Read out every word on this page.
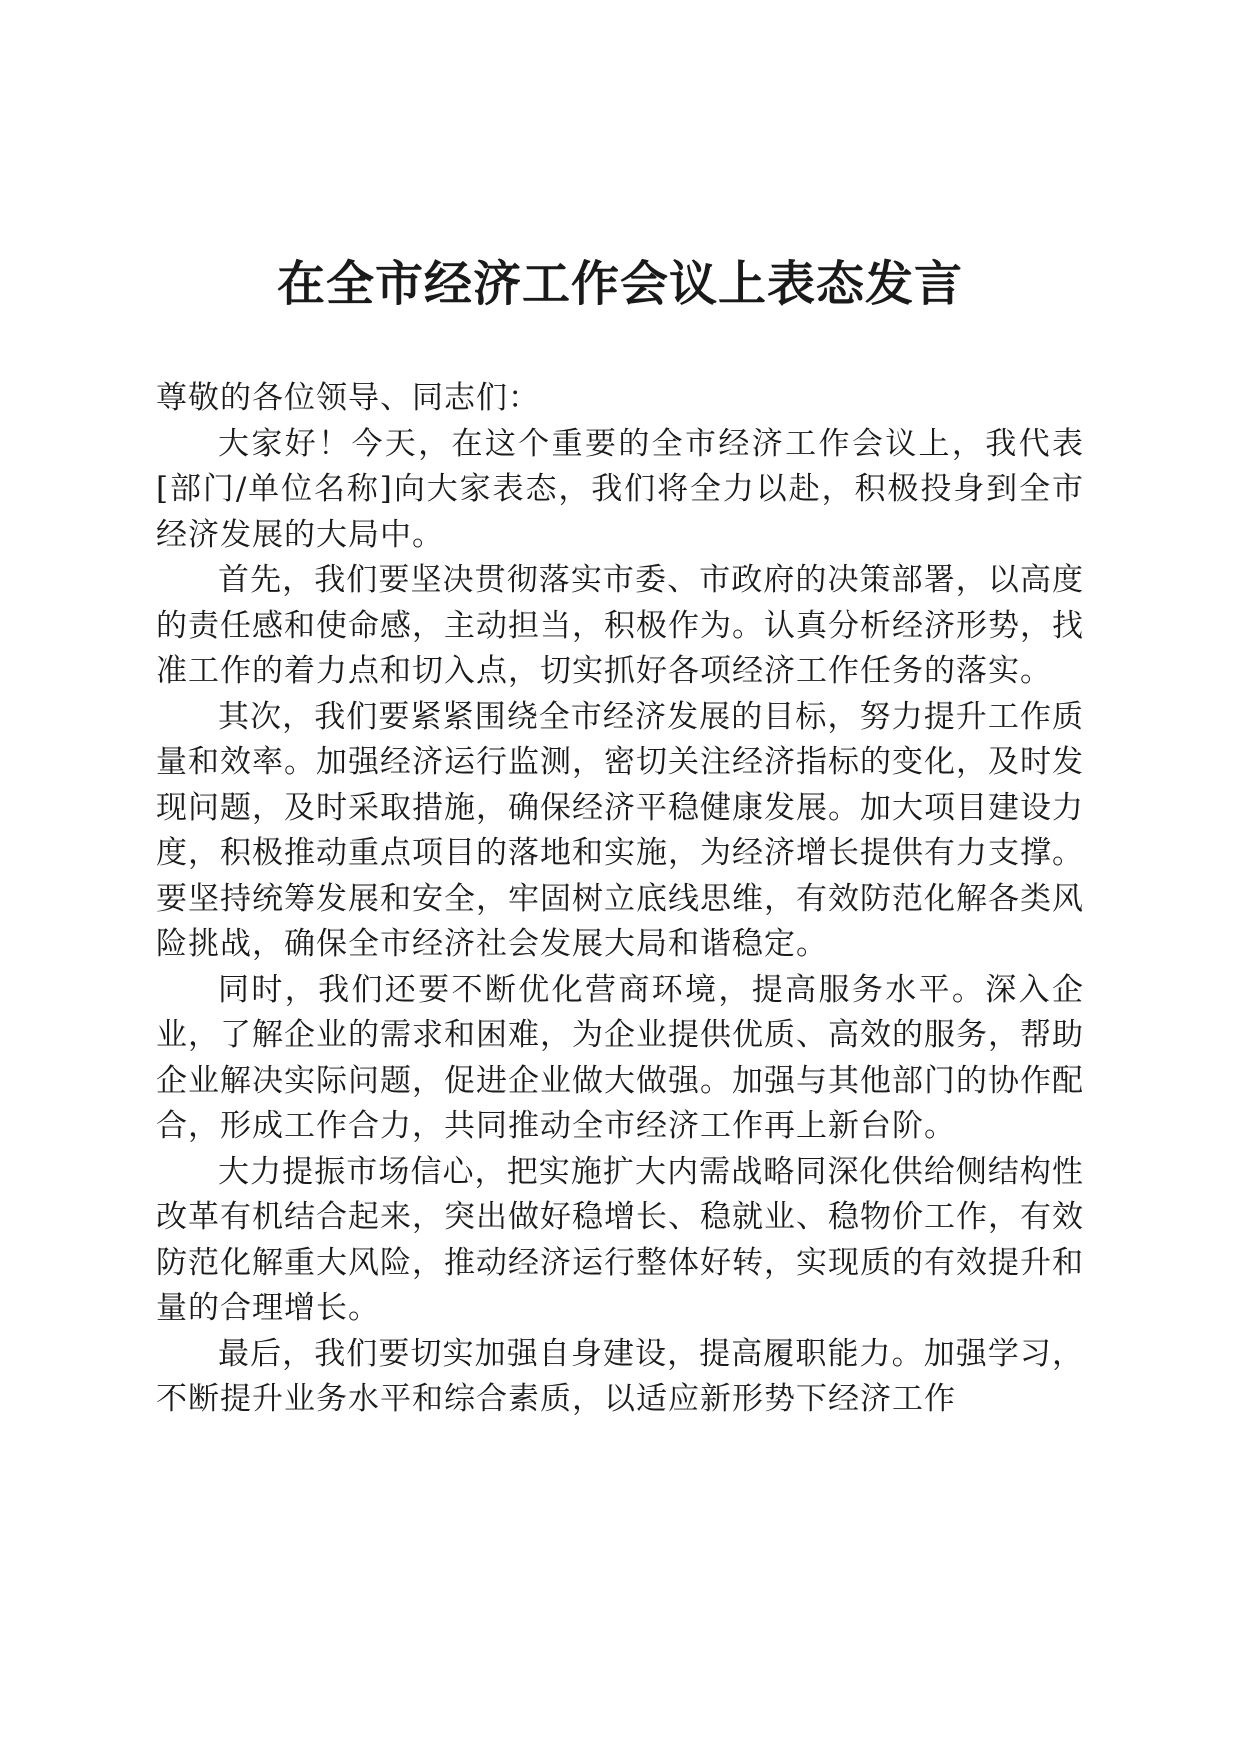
在全市经济工作会议上表态发言

尊敬的各位领导、同志们：

大家好！今天，在这个重要的全市经济工作会议上，我代表[部门/单位名称]向大家表态，我们将全力以赴，积极投身到全市经济发展的大局中。

首先，我们要坚决贯彻落实市委、市政府的决策部署，以高度的责任感和使命感，主动担当，积极作为。认真分析经济形势，找准工作的着力点和切入点，切实抓好各项经济工作任务的落实。

其次，我们要紧紧围绕全市经济发展的目标，努力提升工作质量和效率。加强经济运行监测，密切关注经济指标的变化，及时发现问题，及时采取措施，确保经济平稳健康发展。加大项目建设力度，积极推动重点项目的落地和实施，为经济增长提供有力支撑。要坚持统筹发展和安全，牢固树立底线思维，有效防范化解各类风险挑战，确保全市经济社会发展大局和谐稳定。

同时，我们还要不断优化营商环境，提高服务水平。深入企业，了解企业的需求和困难，为企业提供优质、高效的服务，帮助企业解决实际问题，促进企业做大做强。加强与其他部门的协作配合，形成工作合力，共同推动全市经济工作再上新台阶。

大力提振市场信心，把实施扩大内需战略同深化供给侧结构性改革有机结合起来，突出做好稳增长、稳就业、稳物价工作，有效防范化解重大风险，推动经济运行整体好转，实现质的有效提升和量的合理增长。

最后，我们要切实加强自身建设，提高履职能力。加强学习，不断提升业务水平和综合素质，以适应新形势下经济工作
